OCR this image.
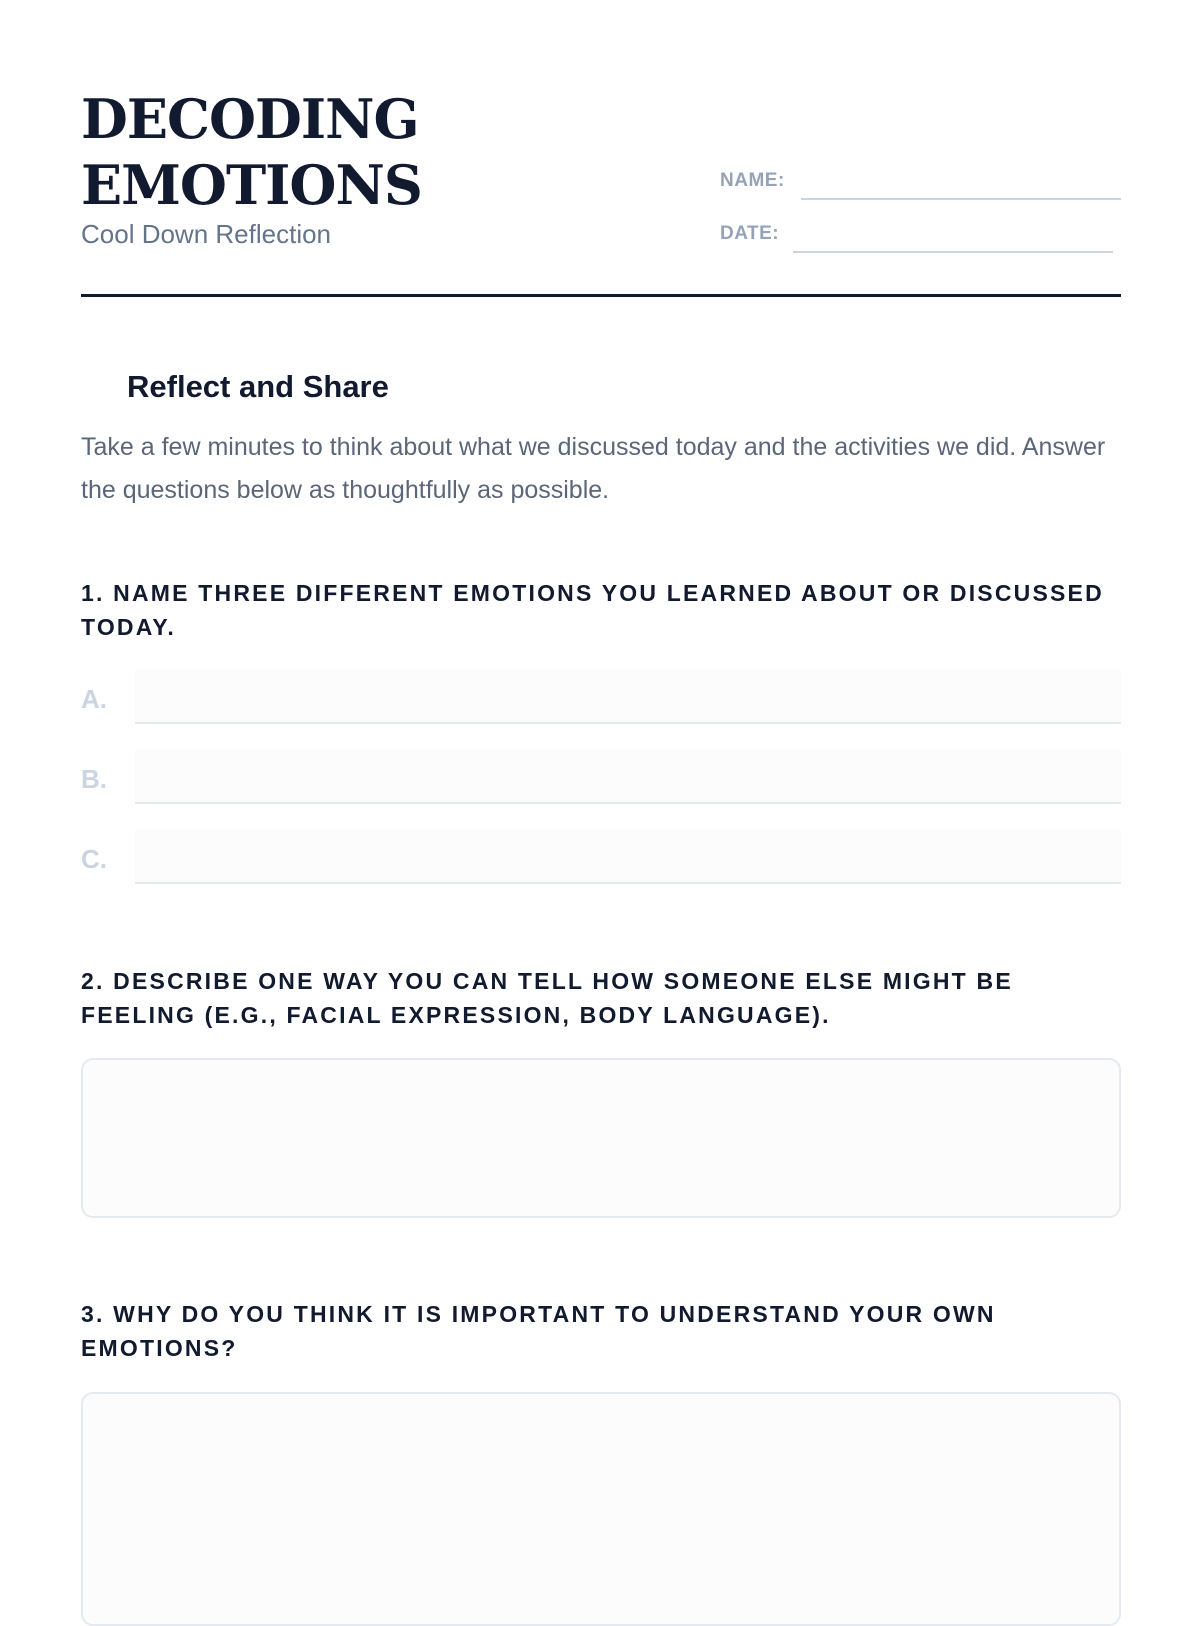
DECODING
EMOTIONS

Cool Down Reflection

NAME:
DATE:
Reflect and Share

Take a few minutes to think about what we discussed today and the activities we did. Answer the questions below as thoughtfully as possible.

1. NAME THREE DIFFERENT EMOTIONS YOU LEARNED ABOUT OR DISCUSSED TODAY.

A.
B.
C.

2. DESCRIBE ONE WAY YOU CAN TELL HOW SOMEONE ELSE MIGHT BE FEELING (E.G., FACIAL EXPRESSION, BODY LANGUAGE).

3. WHY DO YOU THINK IT IS IMPORTANT TO UNDERSTAND YOUR OWN EMOTIONS?
